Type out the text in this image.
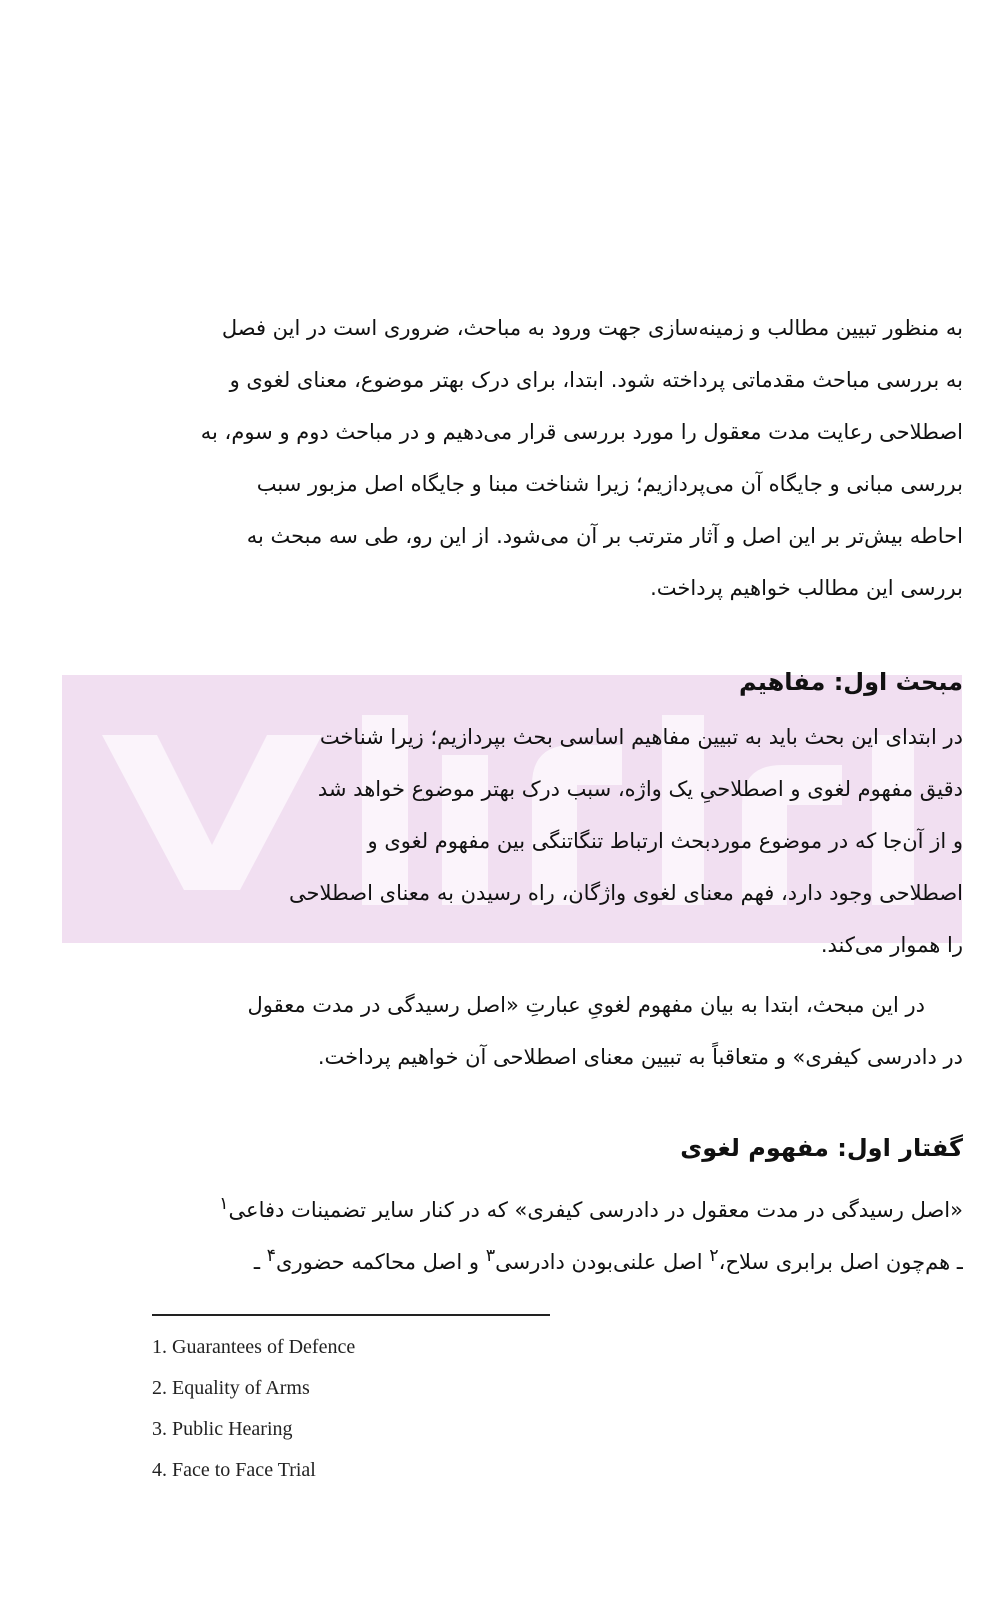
به منظور تبیین مطالب و زمینه‌سازی جهت ورود به مباحث، ضروری است در این فصل
به بررسی مباحث مقدماتی پرداخته شود. ابتدا، برای درک بهتر موضوع، معنای لغوی و
اصطلاحی رعایت مدت معقول را مورد بررسی قرار می‌دهیم و در مباحث دوم و سوم، به
بررسی مبانی و جایگاه آن می‌پردازیم؛ زیرا شناخت مبنا و جایگاه اصل مزبور سبب
احاطه بیش‌تر بر این اصل و آثار مترتب بر آن می‌شود. از این رو، طی سه مبحث به
بررسی این مطالب خواهیم پرداخت.
مبحث اول: مفاهیم
در ابتدای این بحث باید به تبیین مفاهیم اساسی بحث بپردازیم؛ زیرا شناخت
دقیق مفهوم لغوی و اصطلاحیِ یک واژه، سبب درک بهتر موضوع خواهد شد
و از آن‌جا که در موضوع موردبحث ارتباط تنگاتنگی بین مفهوم لغوی و
اصطلاحی وجود دارد، فهم معنای لغوی واژگان، راه رسیدن به معنای اصطلاحی
را هموار می‌کند.
در این مبحث، ابتدا به بیان مفهوم لغویِ عبارتِ «اصل رسیدگی در مدت معقول
در دادرسی کیفری» و متعاقباً به تبیین معنای اصطلاحی آن خواهیم پرداخت.
گفتار اول: مفهوم لغوی
«اصل رسیدگی در مدت معقول در دادرسی کیفری» که در کنار سایر تضمینات دفاعی$^۱$
ـ هم‌چون اصل برابری سلاح،$^۲$ اصل علنی‌بودن دادرسی$^۳$ و اصل محاکمه حضوری$^۴$ ـ
1. Guarantees of Defence
2. Equality of Arms
3. Public Hearing
4. Face to Face Trial
